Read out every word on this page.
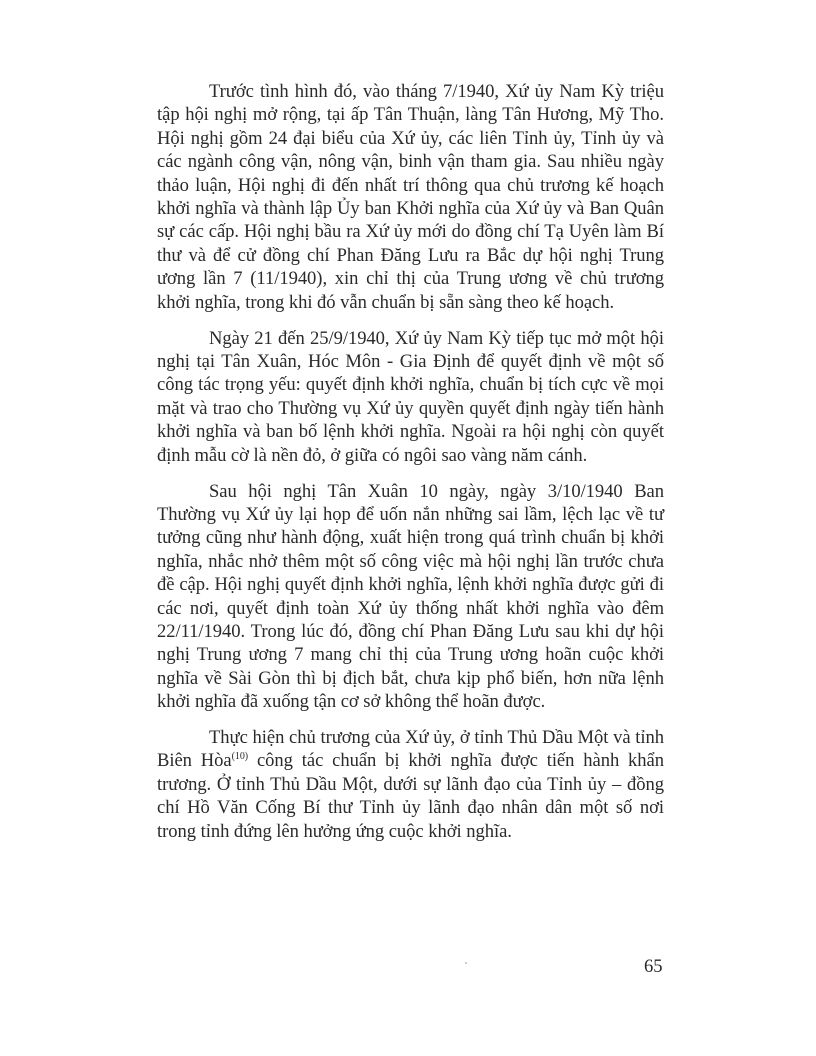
Trước tình hình đó, vào tháng 7/1940, Xứ ủy Nam Kỳ triệu tập hội nghị mở rộng, tại ấp Tân Thuận, làng Tân Hương, Mỹ Tho. Hội nghị gồm 24 đại biểu của Xứ ủy, các liên Tỉnh ủy, Tỉnh ủy và các ngành công vận, nông vận, binh vận tham gia. Sau nhiều ngày thảo luận, Hội nghị đi đến nhất trí thông qua chủ trương kế hoạch khởi nghĩa và thành lập Ủy ban Khởi nghĩa của Xứ ủy và Ban Quân sự các cấp. Hội nghị bầu ra Xứ ủy mới do đồng chí Tạ Uyên làm Bí thư và để cử đồng chí Phan Đăng Lưu ra Bắc dự hội nghị Trung ương lần 7 (11/1940), xin chỉ thị của Trung ương về chủ trương khởi nghĩa, trong khi đó vẫn chuẩn bị sẵn sàng theo kế hoạch.

Ngày 21 đến 25/9/1940, Xứ ủy Nam Kỳ tiếp tục mở một hội nghị tại Tân Xuân, Hóc Môn - Gia Định để quyết định về một số công tác trọng yếu: quyết định khởi nghĩa, chuẩn bị tích cực về mọi mặt và trao cho Thường vụ Xứ ủy quyền quyết định ngày tiến hành khởi nghĩa và ban bố lệnh khởi nghĩa. Ngoài ra hội nghị còn quyết định mẫu cờ là nền đỏ, ở giữa có ngôi sao vàng năm cánh.

Sau hội nghị Tân Xuân 10 ngày, ngày 3/10/1940 Ban Thường vụ Xứ ủy lại họp để uốn nắn những sai lầm, lệch lạc về tư tưởng cũng như hành động, xuất hiện trong quá trình chuẩn bị khởi nghĩa, nhắc nhở thêm một số công việc mà hội nghị lần trước chưa đề cập. Hội nghị quyết định khởi nghĩa, lệnh khởi nghĩa được gửi đi các nơi, quyết định toàn Xứ ủy thống nhất khởi nghĩa vào đêm 22/11/1940. Trong lúc đó, đồng chí Phan Đăng Lưu sau khi dự hội nghị Trung ương 7 mang chỉ thị của Trung ương hoãn cuộc khởi nghĩa về Sài Gòn thì bị địch bắt, chưa kịp phổ biến, hơn nữa lệnh khởi nghĩa đã xuống tận cơ sở không thể hoãn được.

Thực hiện chủ trương của Xứ ủy, ở tỉnh Thủ Dầu Một và tỉnh Biên Hòa$^{(10)}$ công tác chuẩn bị khởi nghĩa được tiến hành khẩn trương. Ở tỉnh Thủ Dầu Một, dưới sự lãnh đạo của Tỉnh ủy – đồng chí Hồ Văn Cống Bí thư Tỉnh ủy lãnh đạo nhân dân một số nơi trong tỉnh đứng lên hưởng ứng cuộc khởi nghĩa.

65
